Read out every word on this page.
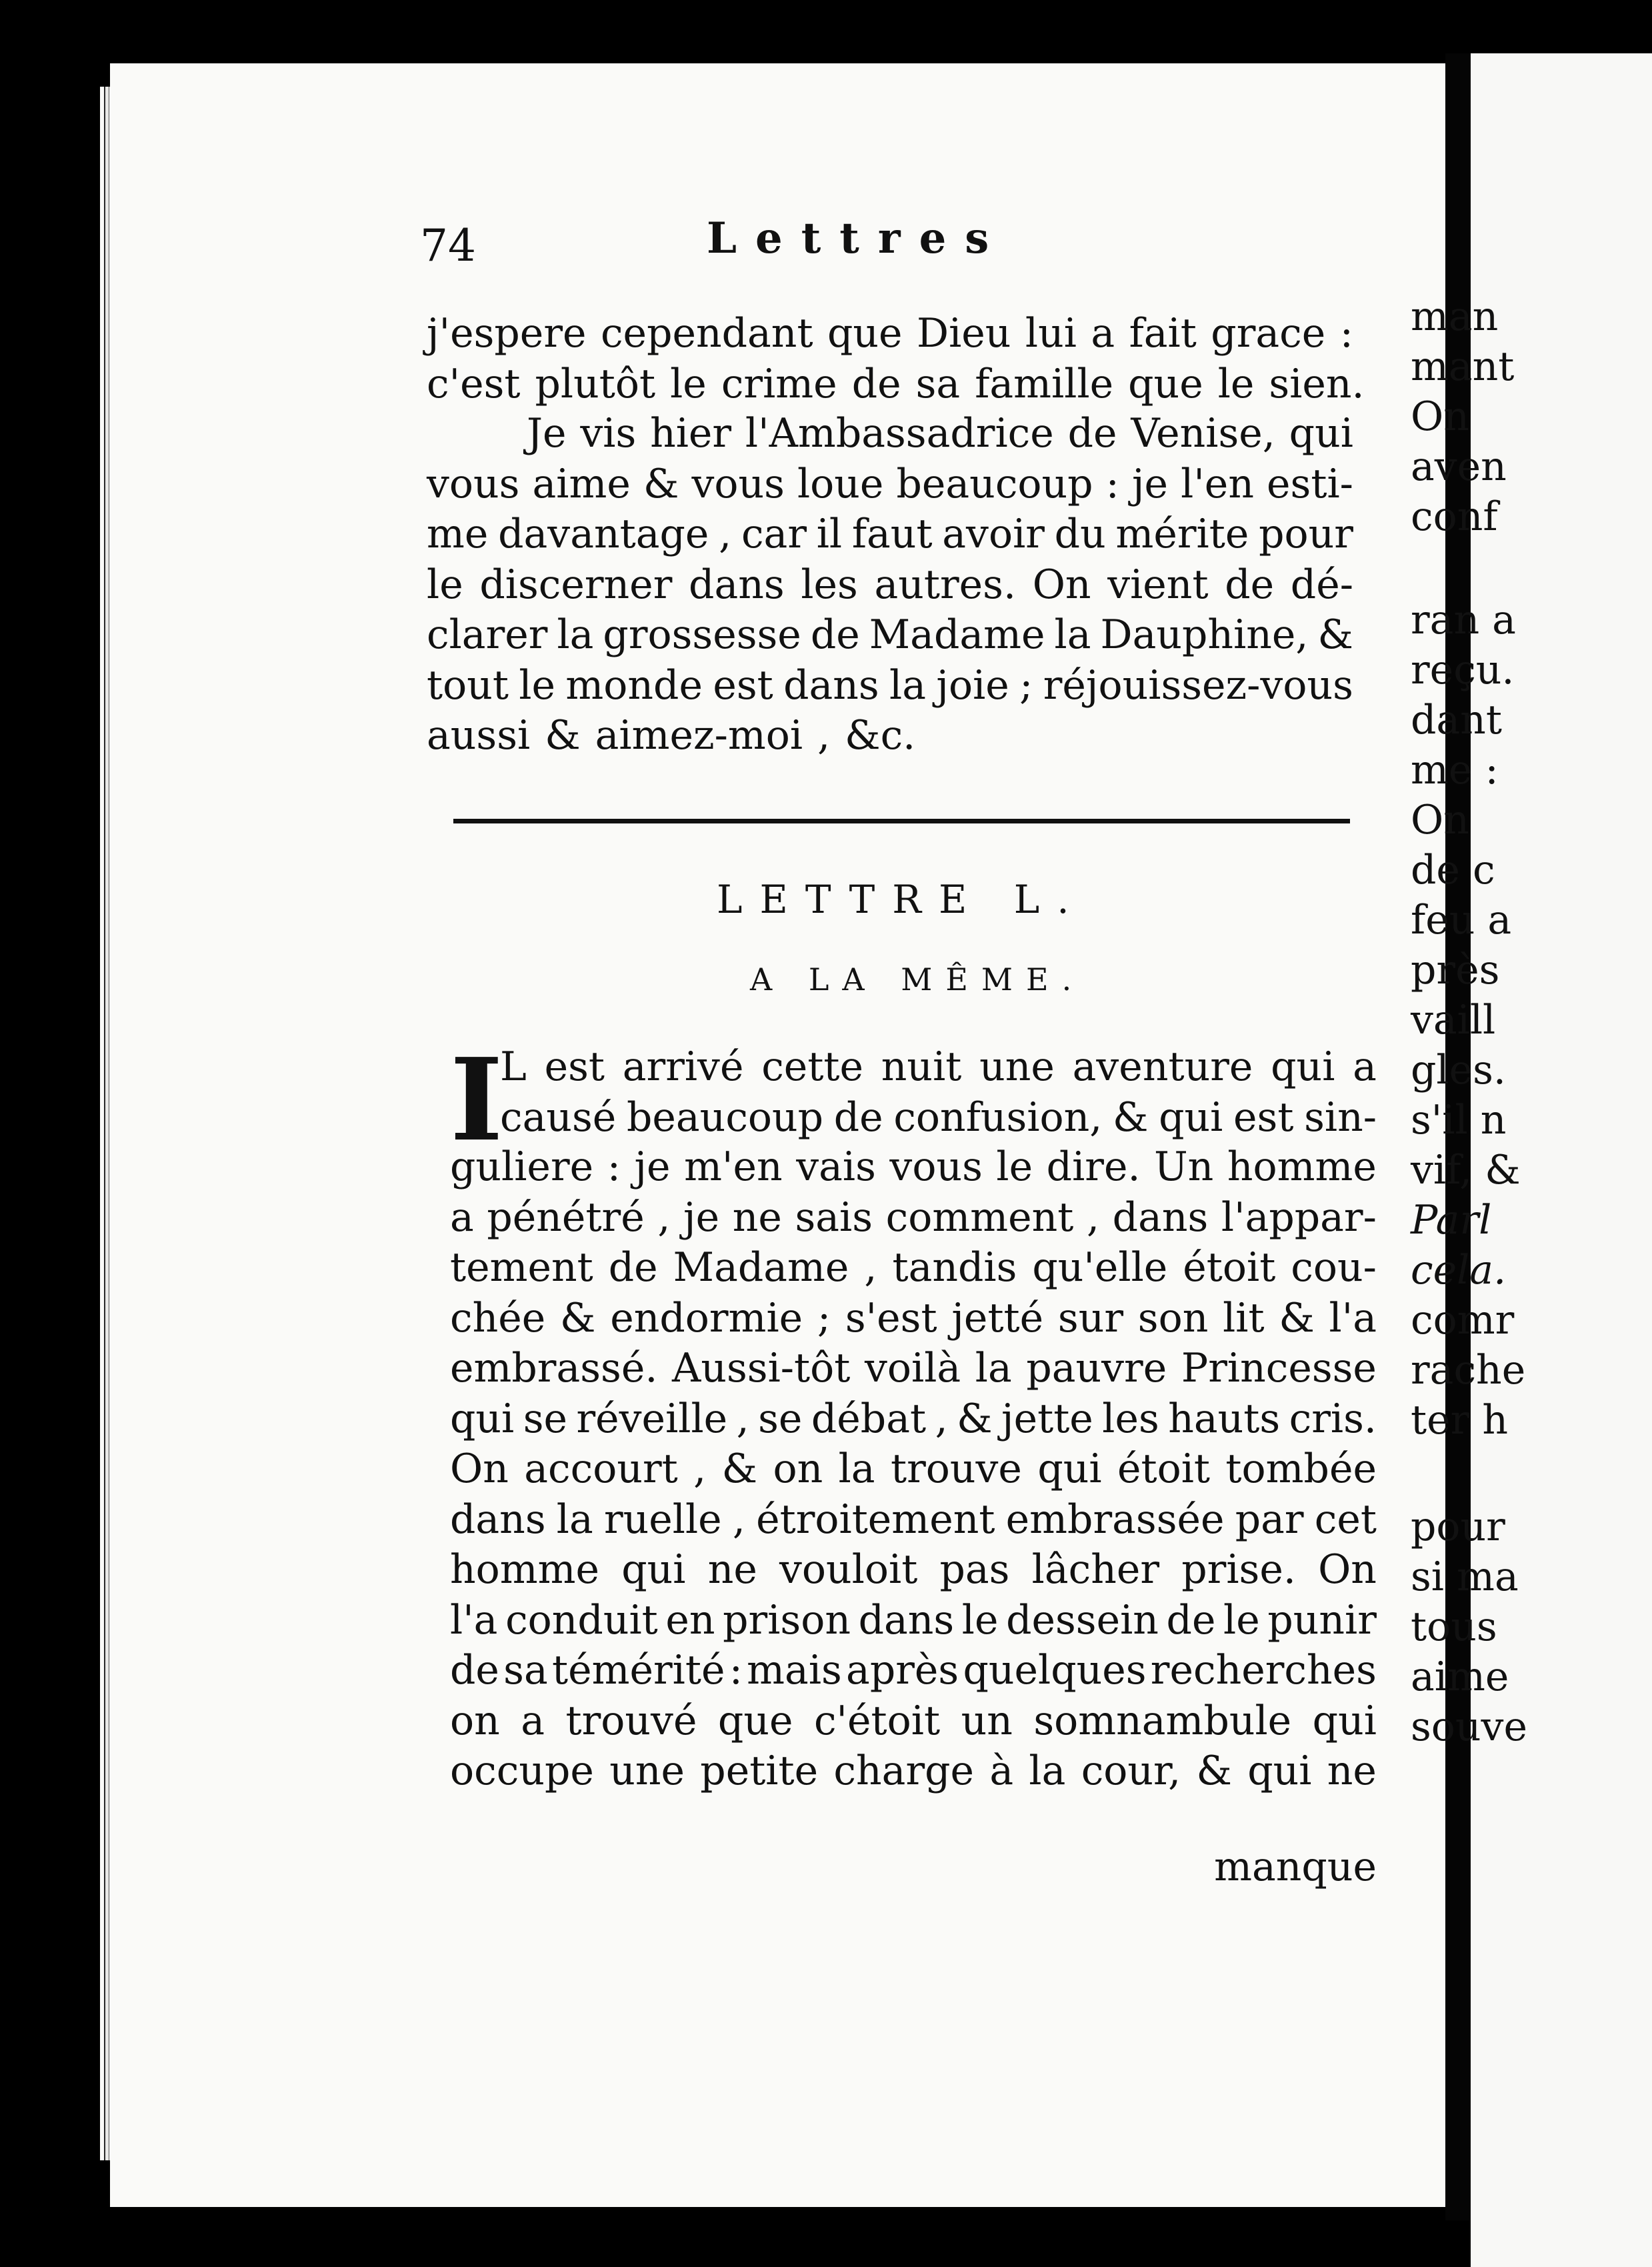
man
mant
On
aven
conf
ran a
reçu.
dant
me :
On
de c
feu a
près
vaill
gles.
s'il n
vif, &
Parl
cela.
comr
rache
ter h
pour
si ma
tous
aime
souve
74	Lettres
j'espere cependant que Dieu lui a fait grace :
c'est plutôt le crime de sa famille que le sien.
Je vis hier l'Ambassadrice de Venise, qui
vous aime & vous loue beaucoup : je l'en esti-
me davantage , car il faut avoir du mérite pour
le discerner dans les autres. On vient de dé-
clarer la grossesse de Madame la Dauphine, &
tout le monde est dans la joie ; réjouissez-vous
aussi & aimez-moi , &c.
LETTRE L.
A LA MÊME.
I
L est arrivé cette nuit une aventure qui a
causé beaucoup de confusion, & qui est sin-
guliere : je m'en vais vous le dire. Un homme
a pénétré , je ne sais comment , dans l'appar-
tement de Madame , tandis qu'elle étoit cou-
chée & endormie ; s'est jetté sur son lit & l'a
embrassé. Aussi-tôt voilà la pauvre Princesse
qui se réveille , se débat , & jette les hauts cris.
On accourt , & on la trouve qui étoit tombée
dans la ruelle , étroitement embrassée par cet
homme qui ne vouloit pas lâcher prise. On
l'a conduit en prison dans le dessein de le punir
de sa témérité : mais après quelques recherches
on a trouvé que c'étoit un somnambule qui
occupe une petite charge à la cour, & qui ne
manque
